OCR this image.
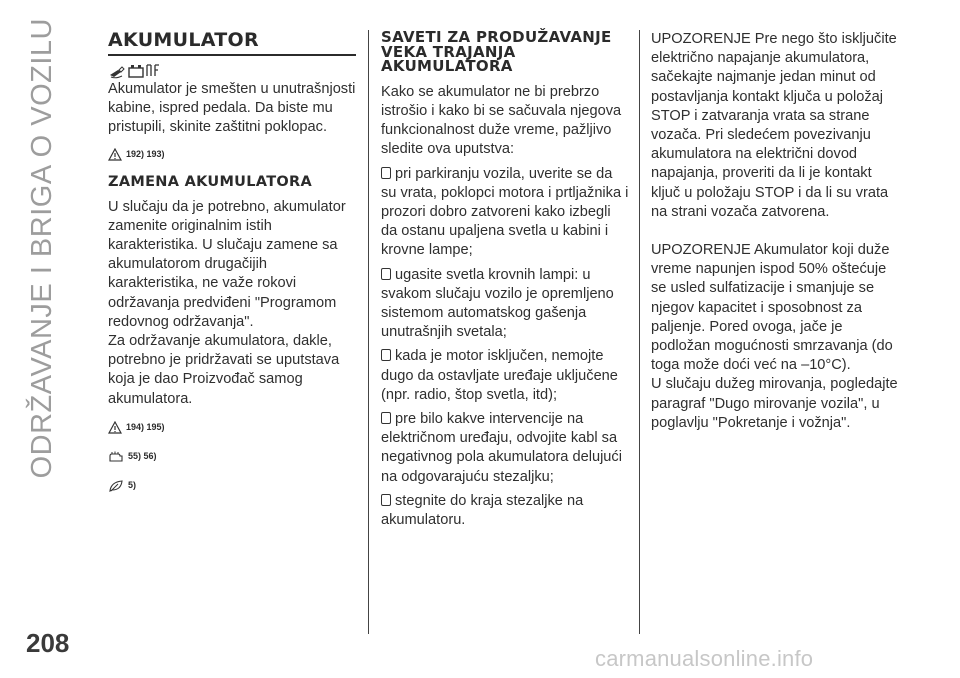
ODRŽAVANJE I BRIGA O VOZILU	AKUMULATOR

Akumulator je smešten u unutrašnjosti kabine, ispred pedala. Da biste mu pristupili, skinite zaštitni poklopac.

192) 193)
ZAMENA AKUMULATORA

U slučaju da je potrebno, akumulator zamenite originalnim istih karakteristika. U slučaju zamene sa akumulatorom drugačijih karakteristika, ne važe rokovi održavanja predviđeni "Programom redovnog održavanja".

Za održavanje akumulatora, dakle, potrebno je pridržavati se uputstava koja je dao Proizvođač samog akumulatora.

194) 195)
55) 56)
5)
SAVETI ZA PRODUŽAVANJE VEKA TRAJANJA AKUMULATORA

Kako se akumulator ne bi prebrzo istrošio i kako bi se sačuvala njegova funkcionalnost duže vreme, pažljivo sledite ova uputstva:

pri parkiranju vozila, uverite se da su vrata, poklopci motora i prtljažnika i prozori dobro zatvoreni kako izbegli da ostanu upaljena svetla u kabini i krovne lampe;

ugasite svetla krovnih lampi: u svakom slučaju vozilo je opremljeno sistemom automatskog gašenja unutrašnjih svetala;

kada je motor isključen, nemojte dugo da ostavljate uređaje uključene (npr. radio, štop svetla, itd);

pre bilo kakve intervencije na električnom uređaju, odvojite kabl sa negativnog pola akumulatora delujući na odgovarajuću stezaljku;

stegnite do kraja stezaljke na akumulatoru.

UPOZORENJE Pre nego što isključite električno napajanje akumulatora, sačekajte najmanje jedan minut od postavljanja kontakt ključa u položaj STOP i zatvaranja vrata sa strane vozača. Pri sledećem povezivanju akumulatora na električni dovod napajanja, proveriti da li je kontakt ključ u položaju STOP i da li su vrata na strani vozača zatvorena.

UPOZORENJE Akumulator koji duže vreme napunjen ispod 50% oštećuje se usled sulfatizacije i smanjuje se njegov kapacitet i sposobnost za paljenje. Pored ovoga, jače je podložan mogućnosti smrzavanja (do toga može doći već na –10°C).

U slučaju dužeg mirovanja, pogledajte paragraf "Dugo mirovanje vozila", u poglavlju "Pokretanje i vožnja".

208
carmanualsonline.info
